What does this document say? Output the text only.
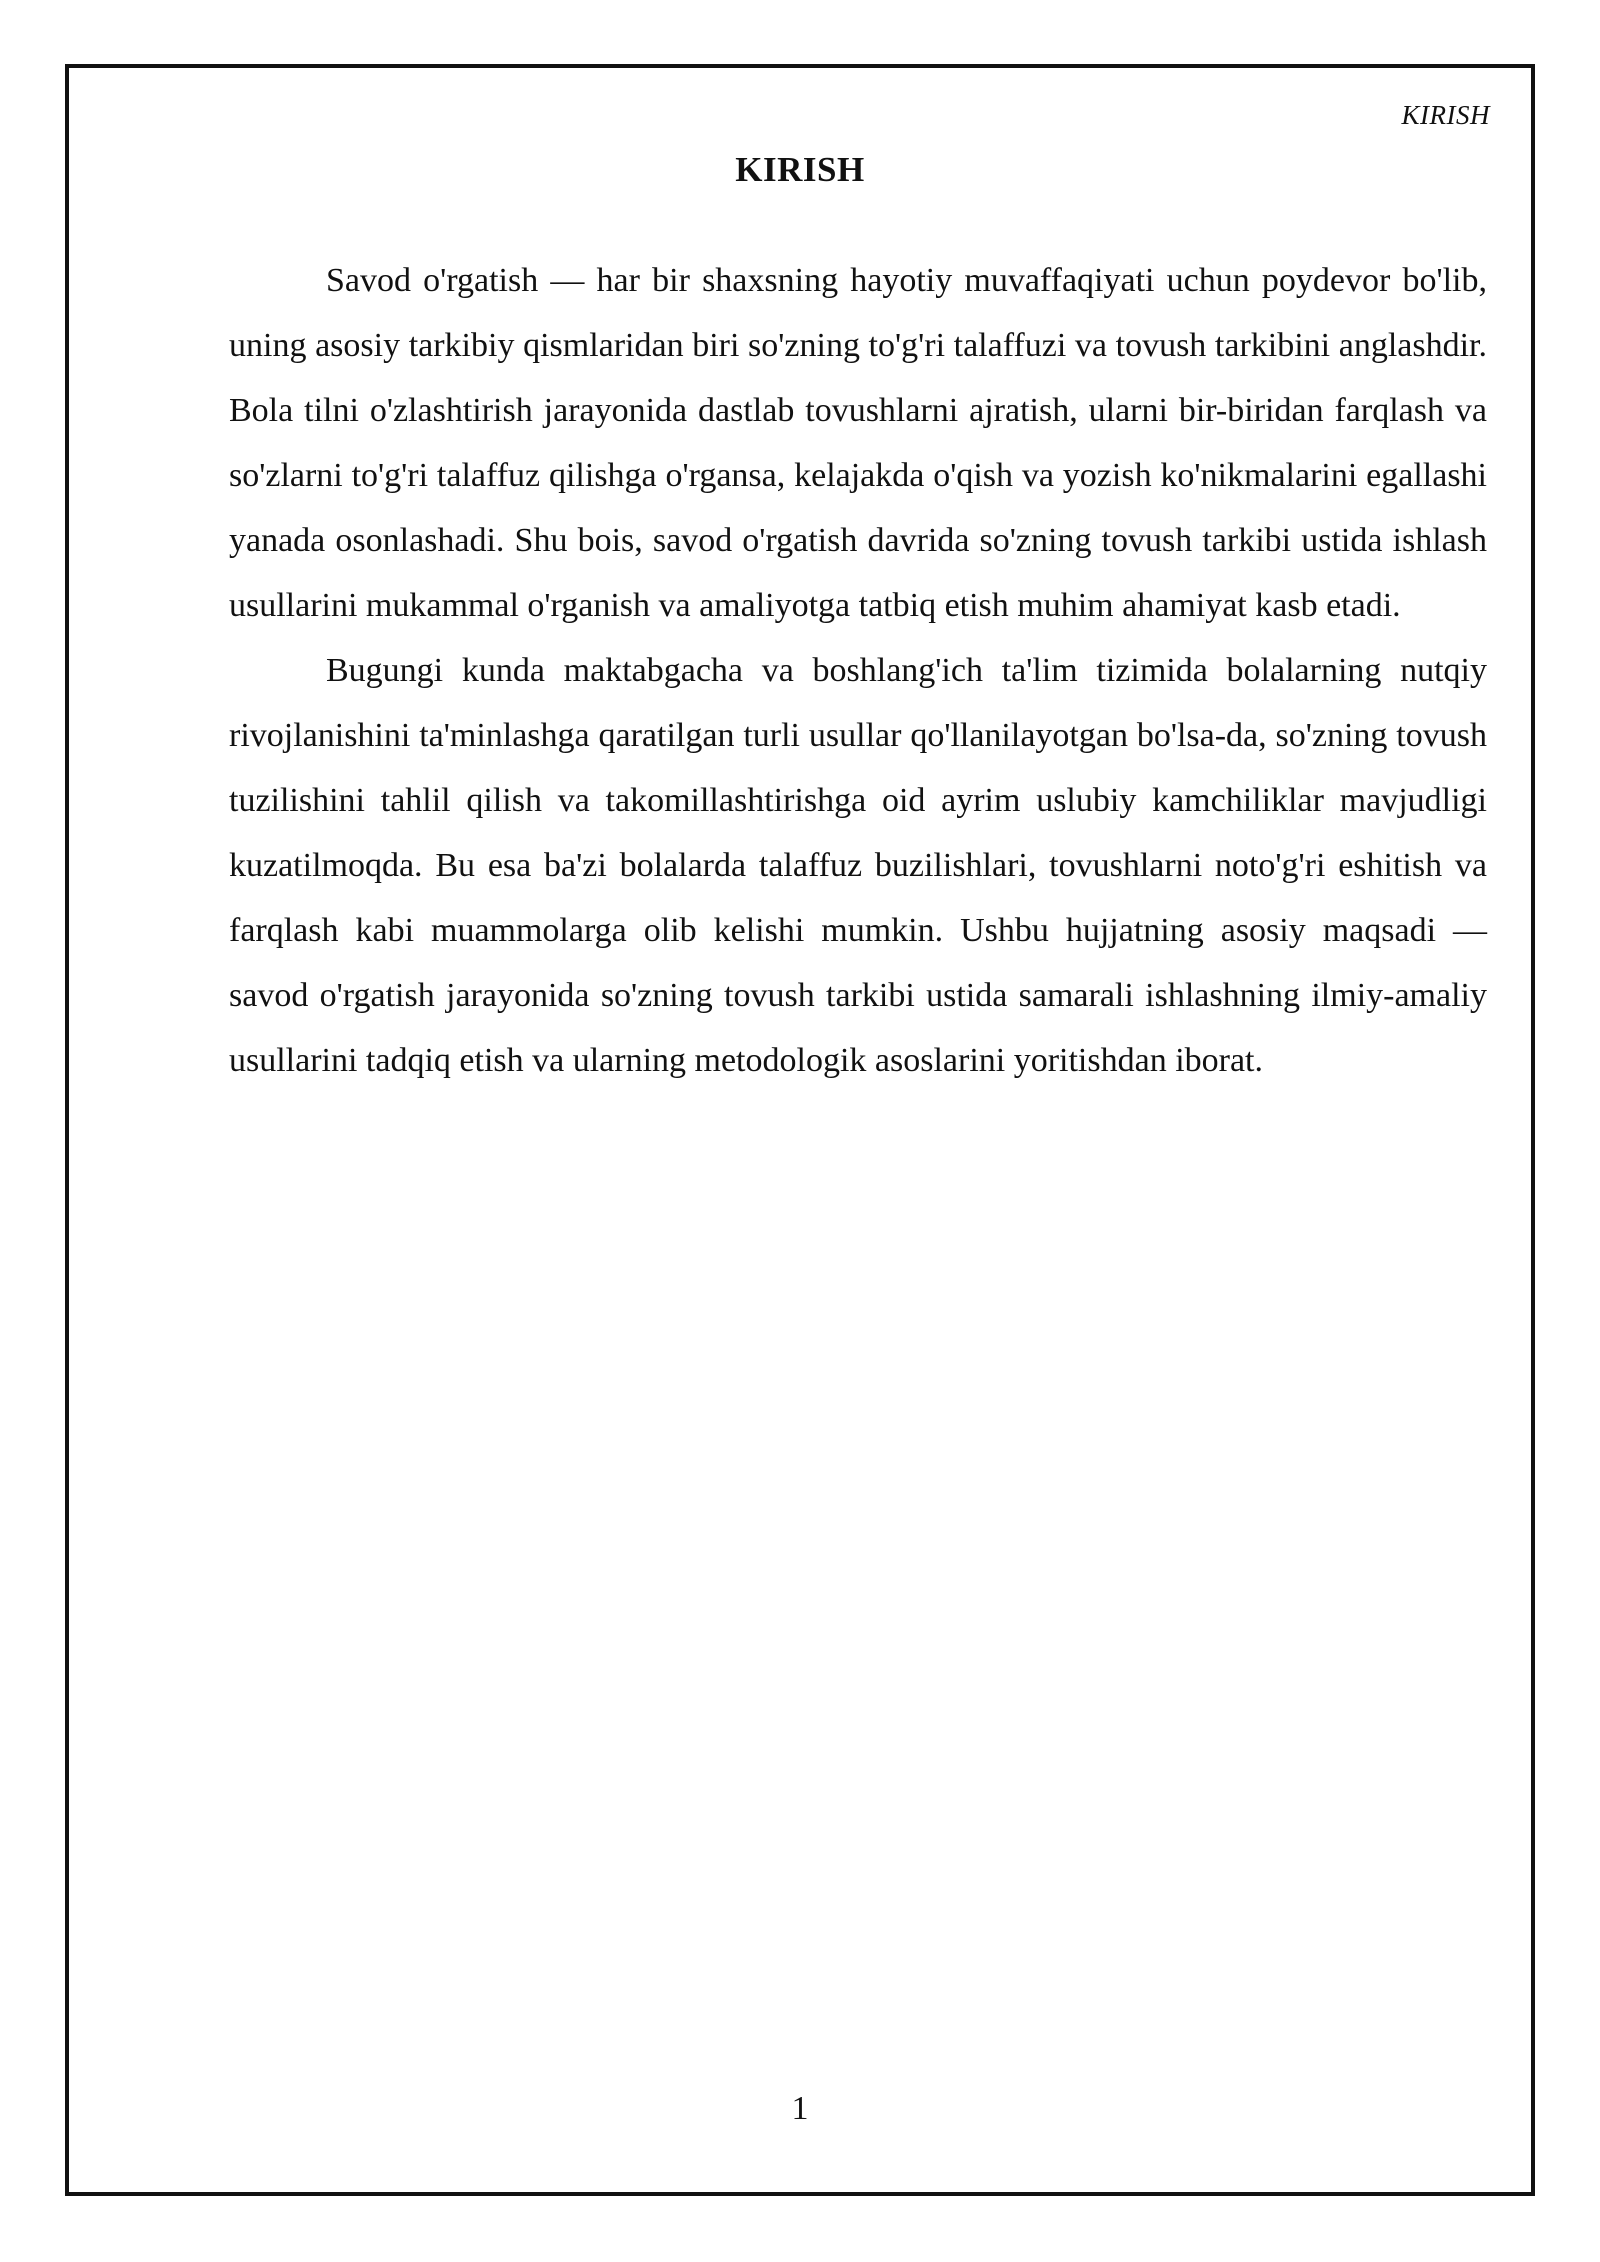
KIRISH
KIRISH

Savod o'rgatish — har bir shaxsning hayotiy muvaffaqiyati uchun poydevor bo'lib, uning asosiy tarkibiy qismlaridan biri so'zning to'g'ri talaffuzi va tovush tarkibini anglashdir. Bola tilni o'zlashtirish jarayonida dastlab tovushlarni ajratish, ularni bir-biridan farqlash va so'zlarni to'g'ri talaffuz qilishga o'rgansa, kelajakda o'qish va yozish ko'nikmalarini egallashi yanada osonlashadi. Shu bois, savod o'rgatish davrida so'zning tovush tarkibi ustida ishlash usullarini mukammal o'rganish va amaliyotga tatbiq etish muhim ahamiyat kasb etadi.

Bugungi kunda maktabgacha va boshlang'ich ta'lim tizimida bolalarning nutqiy rivojlanishini ta'minlashga qaratilgan turli usullar qo'llanilayotgan bo'lsa-da, so'zning tovush tuzilishini tahlil qilish va takomillashtirishga oid ayrim uslubiy kamchiliklar mavjudligi kuzatilmoqda. Bu esa ba'zi bolalarda talaffuz buzilishlari, tovushlarni noto'g'ri eshitish va farqlash kabi muammolarga olib kelishi mumkin. Ushbu hujjatning asosiy maqsadi — savod o'rgatish jarayonida so'zning tovush tarkibi ustida samarali ishlashning ilmiy-amaliy usullarini tadqiq etish va ularning metodologik asoslarini yoritishdan iborat.

1
